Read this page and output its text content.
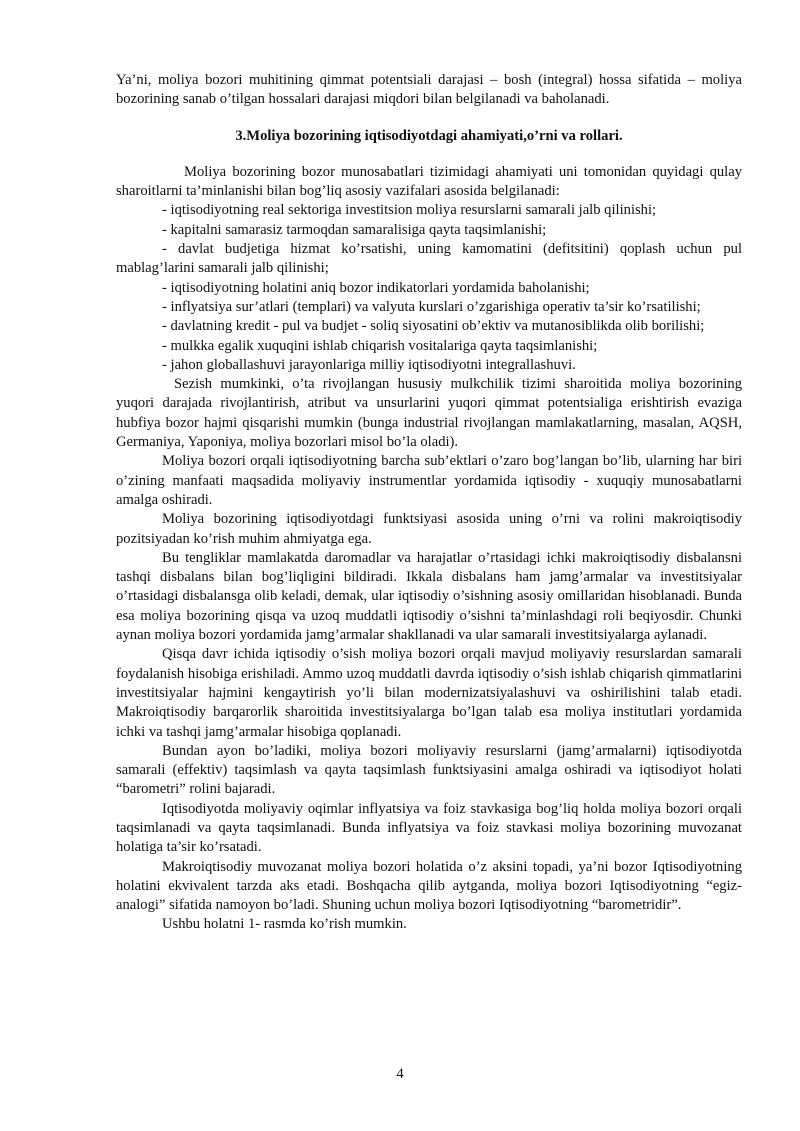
Ya’ni, moliya bozori muhitining qimmat potentsiali darajasi – bosh (integral) hossa sifatida – moliya bozorining sanab o’tilgan hossalari darajasi miqdori bilan belgilanadi va baholanadi.

3.Moliya bozorining iqtisodiyotdagi ahamiyati,o’rni va rollari.

Moliya bozorining bozor munosabatlari tizimidagi ahamiyati uni tomonidan quyidagi qulay sharoitlarni ta’minlanishi bilan bog’liq asosiy vazifalari asosida belgilanadi:

- iqtisodiyotning real sektoriga investitsion moliya resurslarni samarali jalb qilinishi;

- kapitalni samarasiz tarmoqdan samaralisiga qayta taqsimlanishi;

- davlat budjetiga hizmat ko’rsatishi, uning kamomatini (defitsitini) qoplash uchun pul mablag’larini samarali jalb qilinishi;

- iqtisodiyotning holatini aniq bozor indikatorlari yordamida baholanishi;

- inflyatsiya sur’atlari (templari) va valyuta kurslari o’zgarishiga operativ ta’sir ko’rsatilishi;

- davlatning kredit - pul va budjet - soliq siyosatini ob’ektiv va mutanosiblikda olib borilishi;

- mulkka egalik xuquqini ishlab chiqarish vositalariga qayta taqsimlanishi;

- jahon globallashuvi jarayonlariga milliy iqtisodiyotni integrallashuvi.

Sezish mumkinki, o’ta rivojlangan hususiy mulkchilik tizimi sharoitida moliya bozorining yuqori darajada rivojlantirish, atribut va unsurlarini yuqori qimmat potentsialiga erishtirish evaziga hubfiya bozor hajmi qisqarishi mumkin (bunga industrial rivojlangan mamlakatlarning, masalan, AQSH, Germaniya, Yaponiya, moliya bozorlari misol bo’la oladi).

Moliya bozori orqali iqtisodiyotning barcha sub’ektlari o’zaro bog’langan bo’lib, ularning har biri o’zining manfaati maqsadida moliyaviy instrumentlar yordamida iqtisodiy - xuquqiy munosabatlarni amalga oshiradi.

Moliya bozorining iqtisodiyotdagi funktsiyasi asosida uning o’rni va rolini makroiqtisodiy pozitsiyadan ko’rish muhim ahmiyatga ega.

Bu tengliklar mamlakatda daromadlar va harajatlar o’rtasidagi ichki makroiqtisodiy disbalansni tashqi disbalans bilan bog’liqligini bildiradi. Ikkala disbalans ham jamg’armalar va investitsiyalar o’rtasidagi disbalansga olib keladi, demak, ular iqtisodiy o’sishning asosiy omillaridan hisoblanadi. Bunda esa moliya bozorining qisqa va uzoq muddatli iqtisodiy o’sishni ta’minlashdagi roli beqiyosdir. Chunki aynan moliya bozori yordamida jamg’armalar shakllanadi va ular samarali investitsiyalarga aylanadi.

Qisqa davr ichida iqtisodiy o’sish moliya bozori orqali mavjud moliyaviy resurslardan samarali foydalanish hisobiga erishiladi. Ammo uzoq muddatli davrda iqtisodiy o’sish ishlab chiqarish qimmatlarini investitsiyalar hajmini kengaytirish yo’li bilan modernizatsiyalashuvi va oshirilishini talab etadi. Makroiqtisodiy barqarorlik sharoitida investitsiyalarga bo’lgan talab esa moliya institutlari yordamida ichki va tashqi jamg’armalar hisobiga qoplanadi.

Bundan ayon bo’ladiki, moliya bozori moliyaviy resurslarni (jamg’armalarni) iqtisodiyotda samarali (effektiv) taqsimlash va qayta taqsimlash funktsiyasini amalga oshiradi va iqtisodiyot holati “barometri” rolini bajaradi.

Iqtisodiyotda moliyaviy oqimlar inflyatsiya va foiz stavkasiga bog’liq holda moliya bozori orqali taqsimlanadi va qayta taqsimlanadi. Bunda inflyatsiya va foiz stavkasi moliya bozorining muvozanat holatiga ta’sir ko’rsatadi.

Makroiqtisodiy muvozanat moliya bozori holatida o’z aksini topadi, ya’ni bozor Iqtisodiyotning holatini ekvivalent tarzda aks etadi. Boshqacha qilib aytganda, moliya bozori Iqtisodiyotning “egiz-analogi” sifatida namoyon bo’ladi. Shuning uchun moliya bozori Iqtisodiyotning “barometridir”.

Ushbu holatni 1- rasmda ko’rish mumkin.

4
